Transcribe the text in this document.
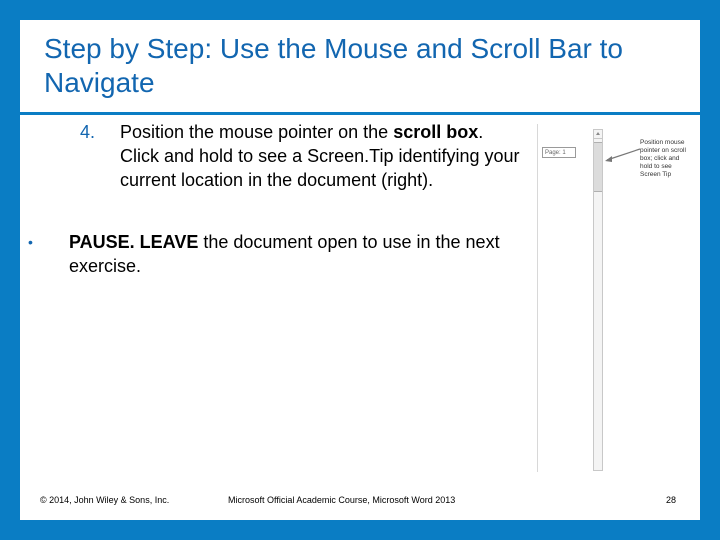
Step by Step: Use the Mouse and Scroll Bar to Navigate
4. Position the mouse pointer on the scroll box. Click and hold to see a Screen.Tip identifying your current location in the document (right).
• PAUSE. LEAVE the document open to use in the next exercise.
Page: 1
Position mouse pointer on scroll box; click and hold to see Screen Tip
© 2014, John Wiley & Sons, Inc.	Microsoft Official Academic Course, Microsoft Word 2013	28
